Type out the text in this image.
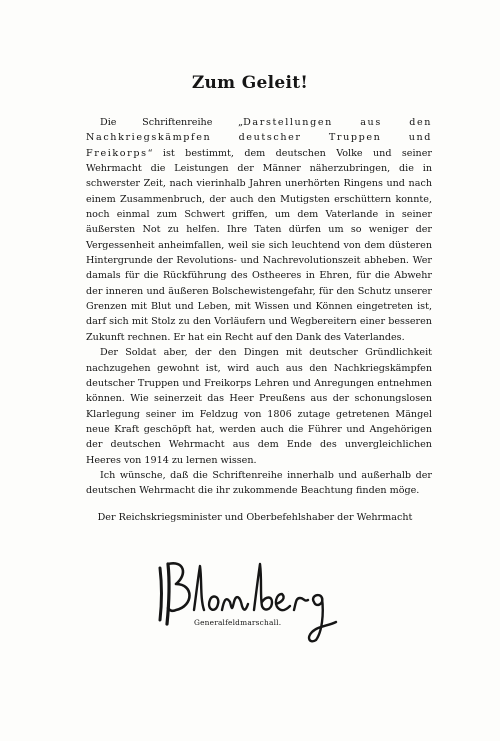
Zum Geleit!

Die Schriftenreihe „Darstellungen aus den Nachkriegskämpfen deutscher Truppen und Freikorps“ ist bestimmt, dem deutschen Volke und seiner Wehrmacht die Leistungen der Männer näherzubringen, die in schwerster Zeit, nach vierinhalb Jahren unerhörten Ringens und nach einem Zusammenbruch, der auch den Mutigsten erschüttern konnte, noch einmal zum Schwert griffen, um dem Vaterlande in seiner äußersten Not zu helfen. Ihre Taten dürfen um so weniger der Vergessenheit anheimfallen, weil sie sich leuchtend von dem düsteren Hintergrunde der Revolutions- und Nachrevolutionszeit abheben. Wer damals für die Rückführung des Ostheeres in Ehren, für die Abwehr der inneren und äußeren Bolschewistengefahr, für den Schutz unserer Grenzen mit Blut und Leben, mit Wissen und Können eingetreten ist, darf sich mit Stolz zu den Vorläufern und Wegbereitern einer besseren Zukunft rechnen. Er hat ein Recht auf den Dank des Vaterlandes.

Der Soldat aber, der den Dingen mit deutscher Gründlichkeit nachzugehen gewohnt ist, wird auch aus den Nachkriegskämpfen deutscher Truppen und Freikorps Lehren und Anregungen entnehmen können. Wie seinerzeit das Heer Preußens aus der schonungslosen Klarlegung seiner im Feldzug von 1806 zutage getretenen Mängel neue Kraft geschöpft hat, werden auch die Führer und Angehörigen der deutschen Wehrmacht aus dem Ende des unvergleichlichen Heeres von 1914 zu lernen wissen.

Ich wünsche, daß die Schriftenreihe innerhalb und außerhalb der deutschen Wehrmacht die ihr zukommende Beachtung finden möge.

Der Reichskriegsminister und Oberbefehlshaber der Wehrmacht
Generalfeldmarschall.
